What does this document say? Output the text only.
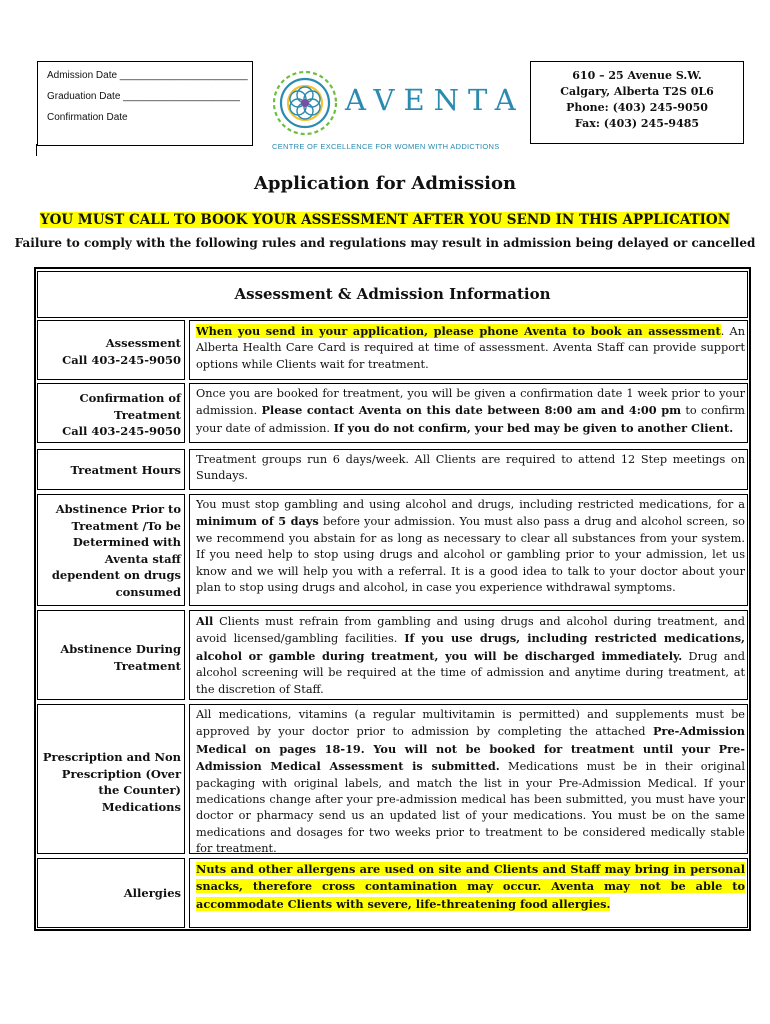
Admission Date _______________________
Graduation Date _____________________
Confirmation Date
AVENTA
CENTRE OF EXCELLENCE FOR WOMEN WITH ADDICTIONS
610 – 25 Avenue S.W.
Calgary, Alberta T2S 0L6
Phone: (403) 245-9050
Fax: (403) 245-9485
Application for Admission
YOU MUST CALL TO BOOK YOUR ASSESSMENT AFTER YOU SEND IN THIS APPLICATION
Failure to comply with the following rules and regulations may result in admission being delayed or cancelled
Assessment & Admission Information
Assessment
Call 403-245-9050
When you send in your application, please phone Aventa to book an assessment. An Alberta Health Care Card is required at time of assessment. Aventa Staff can provide support options while Clients wait for treatment.
Confirmation of
Treatment
Call 403-245-9050
Once you are booked for treatment, you will be given a confirmation date 1 week prior to your admission. Please contact Aventa on this date between 8:00 am and 4:00 pm to confirm your date of admission. If you do not confirm, your bed may be given to another Client.
Treatment Hours
Treatment groups run 6 days/week. All Clients are required to attend 12 Step meetings on Sundays.
Abstinence Prior to
Treatment /To be
Determined with
Aventa staff
dependent on drugs
consumed
You must stop gambling and using alcohol and drugs, including restricted medications, for a minimum of 5 days before your admission. You must also pass a drug and alcohol screen, so we recommend you abstain for as long as necessary to clear all substances from your system. If you need help to stop using drugs and alcohol or gambling prior to your admission, let us know and we will help you with a referral. It is a good idea to talk to your doctor about your plan to stop using drugs and alcohol, in case you experience withdrawal symptoms.
Abstinence During
Treatment
All Clients must refrain from gambling and using drugs and alcohol during treatment, and avoid licensed/gambling facilities. If you use drugs, including restricted medications, alcohol or gamble during treatment, you will be discharged immediately. Drug and alcohol screening will be required at the time of admission and anytime during treatment, at the discretion of Staff.
Prescription and Non
Prescription (Over
the Counter)
Medications
All medications, vitamins (a regular multivitamin is permitted) and supplements must be approved by your doctor prior to admission by completing the attached Pre-Admission Medical on pages 18-19. You will not be booked for treatment until your Pre-Admission Medical Assessment is submitted. Medications must be in their original packaging with original labels, and match the list in your Pre-Admission Medical. If your medications change after your pre-admission medical has been submitted, you must have your doctor or pharmacy send us an updated list of your medications. You must be on the same medications and dosages for two weeks prior to treatment to be considered medically stable for treatment.
Allergies
Nuts and other allergens are used on site and Clients and Staff may bring in personal snacks, therefore cross contamination may occur. Aventa may not be able to accommodate Clients with severe, life-threatening food allergies.
